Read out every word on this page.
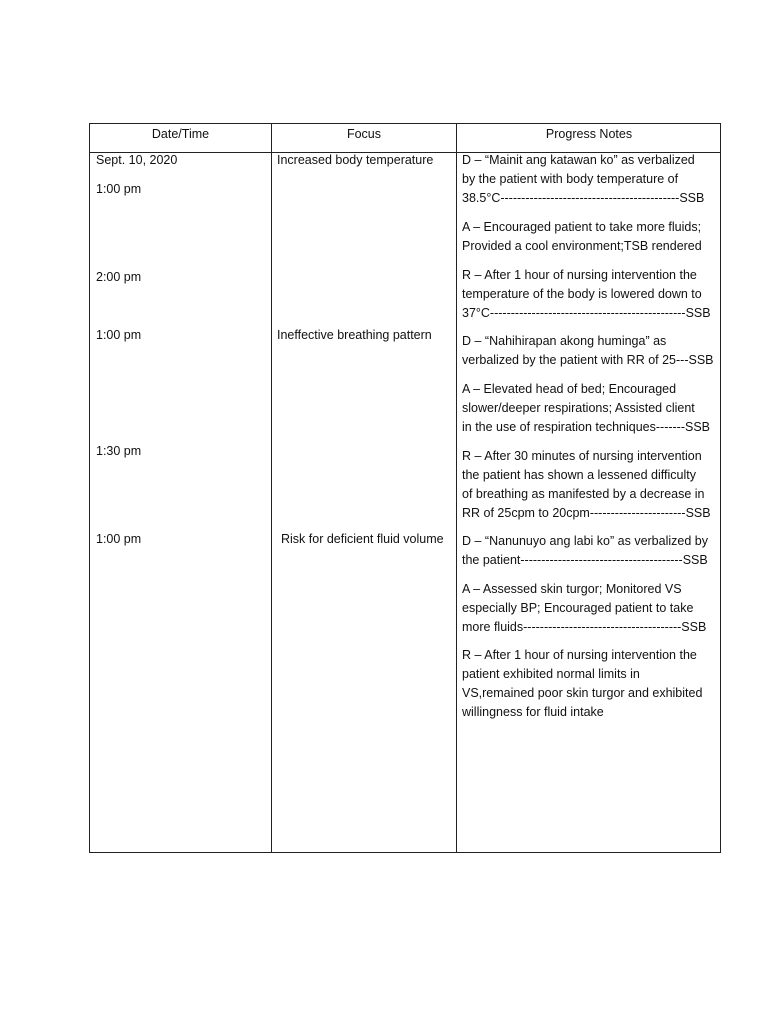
Date/Time	Focus	Progress Notes
Sept. 10, 2020
1:00 pm
2:00 pm
1:00 pm
1:30 pm
1:00 pm
Increased body temperature
Ineffective breathing pattern
Risk for deficient fluid volume
D – “Mainit ang katawan ko” as verbalized
by the patient with body temperature of
38.5°C-------------------------------------------SSB
A – Encouraged patient to take more fluids;
Provided a cool environment;TSB rendered
R – After 1 hour of nursing intervention the
temperature of the body is lowered down to
37°C-----------------------------------------------SSB
D – “Nahihirapan akong huminga” as
verbalized by the patient with RR of 25---SSB
A – Elevated head of bed; Encouraged
slower/deeper respirations; Assisted client
in the use of respiration techniques-------SSB
R – After 30 minutes of nursing intervention
the patient has shown a lessened difficulty
of breathing as manifested by a decrease in
RR of 25cpm to 20cpm-----------------------SSB
D – “Nanunuyo ang labi ko” as verbalized by
the patient---------------------------------------SSB
A – Assessed skin turgor; Monitored VS
especially BP; Encouraged patient to take
more fluids--------------------------------------SSB
R – After 1 hour of nursing intervention the
patient exhibited normal limits in
VS,remained poor skin turgor and exhibited
willingness for fluid intake
